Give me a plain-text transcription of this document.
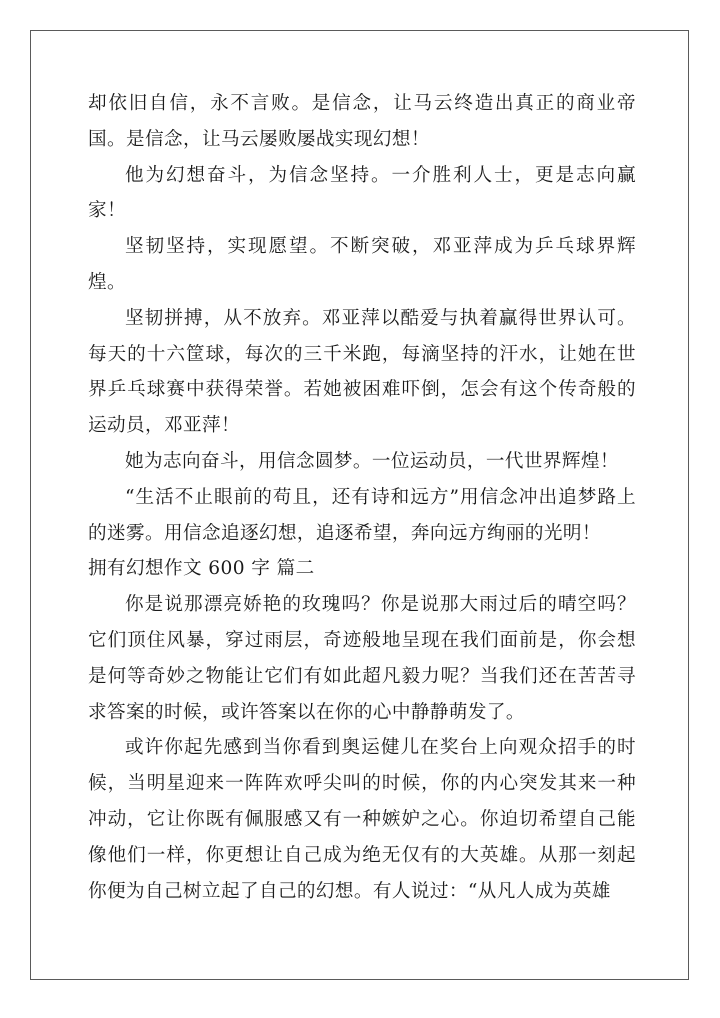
却依旧自信，永不言败。是信念，让马云终造出真正的商业帝国。是信念，让马云屡败屡战实现幻想！

他为幻想奋斗，为信念坚持。一介胜利人士，更是志向赢家！

坚韧坚持，实现愿望。不断突破，邓亚萍成为乒乓球界辉煌。

坚韧拼搏，从不放弃。邓亚萍以酷爱与执着赢得世界认可。每天的十六筐球，每次的三千米跑，每滴坚持的汗水，让她在世界乒乓球赛中获得荣誉。若她被困难吓倒，怎会有这个传奇般的运动员，邓亚萍！

她为志向奋斗，用信念圆梦。一位运动员，一代世界辉煌！

“生活不止眼前的苟且，还有诗和远方”用信念冲出追梦路上的迷雾。用信念追逐幻想，追逐希望，奔向远方绚丽的光明！

拥有幻想作文 600 字 篇二

你是说那漂亮娇艳的玫瑰吗？你是说那大雨过后的晴空吗？它们顶住风暴，穿过雨层，奇迹般地呈现在我们面前是，你会想是何等奇妙之物能让它们有如此超凡毅力呢？当我们还在苦苦寻求答案的时候，或许答案以在你的心中静静萌发了。

或许你起先感到当你看到奥运健儿在奖台上向观众招手的时候，当明星迎来一阵阵欢呼尖叫的时候，你的内心突发其来一种冲动，它让你既有佩服感又有一种嫉妒之心。你迫切希望自己能像他们一样，你更想让自己成为绝无仅有的大英雄。从那一刻起你便为自己树立起了自己的幻想。有人说过：“从凡人成为英雄
